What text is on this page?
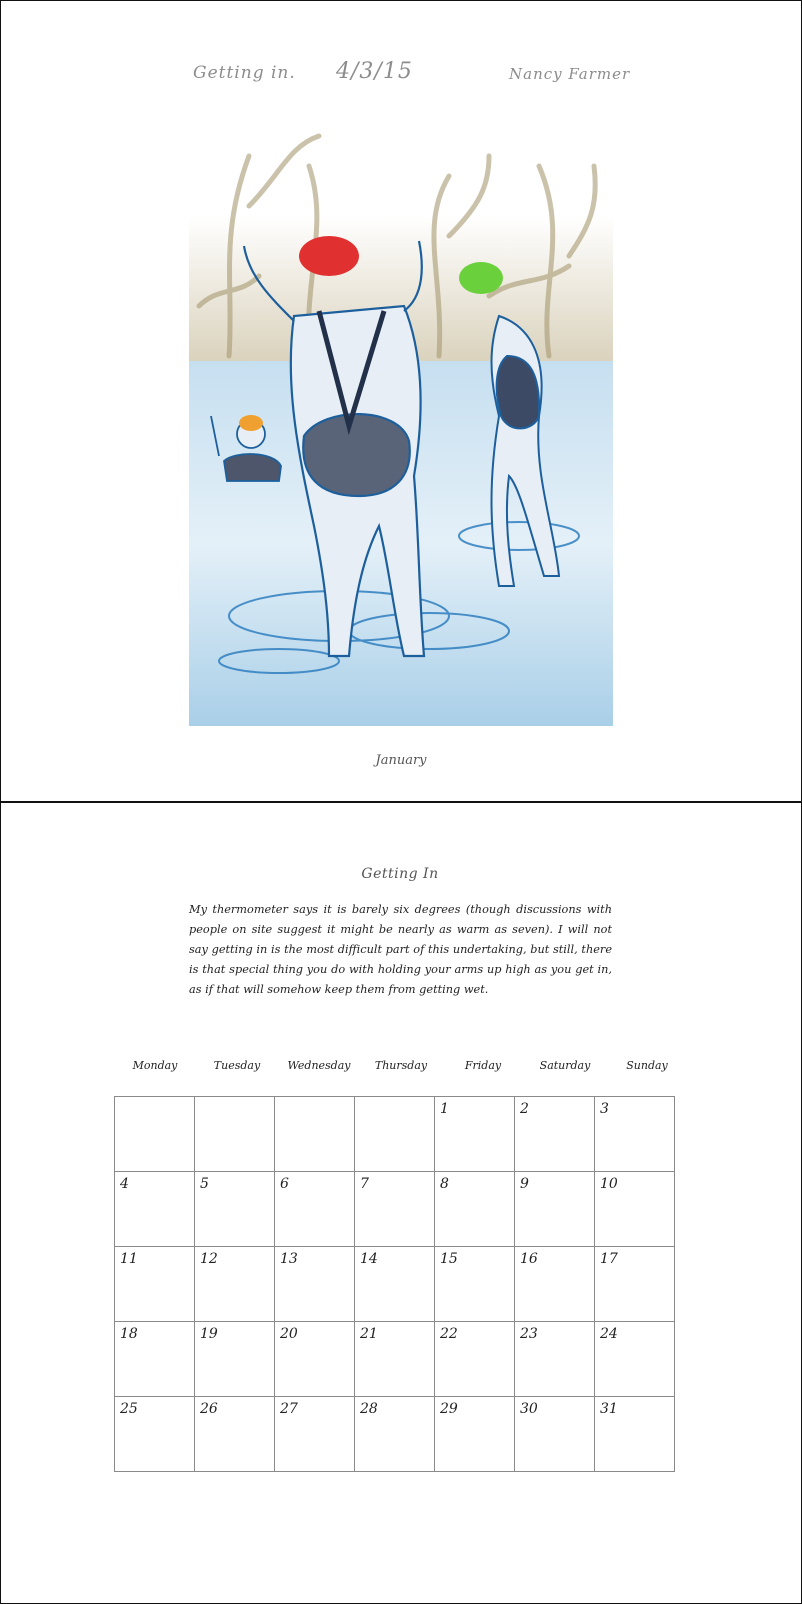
Getting in. 4/3/15	Nancy Farmer
January
Getting In
My thermometer says it is barely six degrees (though discussions with people on site suggest it might be nearly as warm as seven). I will not say getting in is the most difficult part of this undertaking, but still, there is that special thing you do with holding your arms up high as you get in, as if that will somehow keep them from getting wet.
Monday	Tuesday	Wednesday	Thursday	Friday	Saturday	Sunday
				1	2	3
4	5	6	7	8	9	10
11	12	13	14	15	16	17
18	19	20	21	22	23	24
25	26	27	28	29	30	31
